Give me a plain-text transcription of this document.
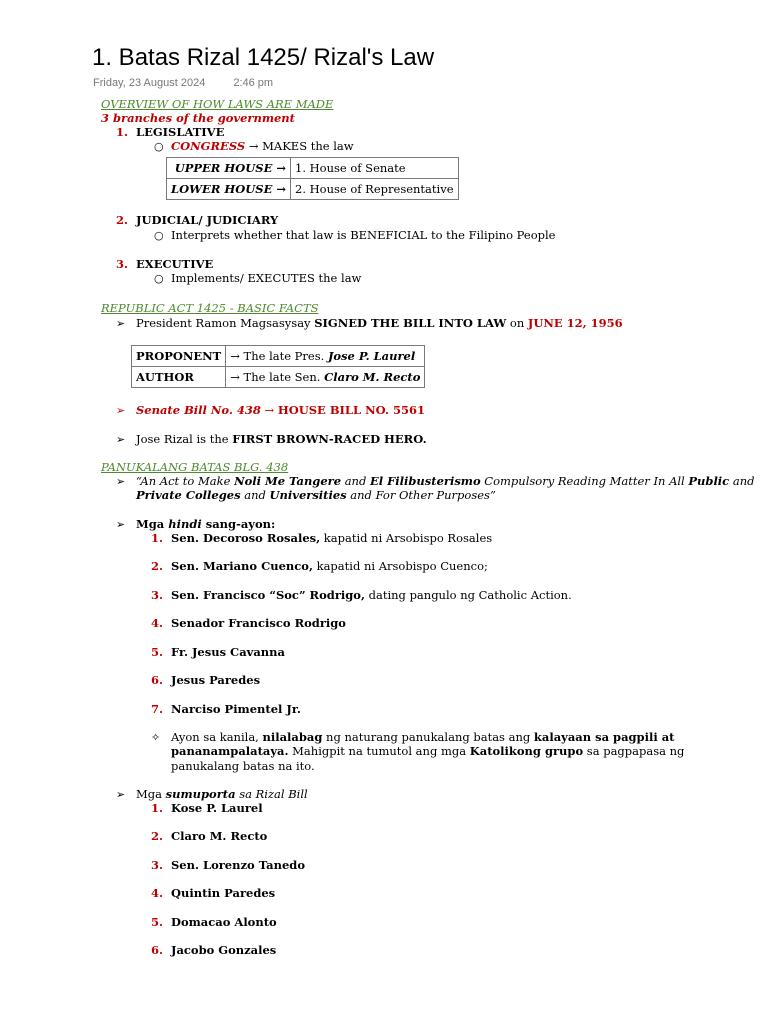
1. Batas Rizal 1425/ Rizal's Law
Friday, 23 August 2024	2:46 pm
OVERVIEW OF HOW LAWS ARE MADE
3 branches of the government
1. LEGISLATIVE
○ CONGRESS → MAKES the law
UPPER HOUSE →	1. House of Senate
LOWER HOUSE →	2. House of Representative
2. JUDICIAL/ JUDICIARY
○ Interprets whether that law is BENEFICIAL to the Filipino People
3. EXECUTIVE
○ Implements/ EXECUTES the law
REPUBLIC ACT 1425 - BASIC FACTS
➢ President Ramon Magsasysay SIGNED THE BILL INTO LAW on JUNE 12, 1956
PROPONENT	→ The late Pres. Jose P. Laurel
AUTHOR	→ The late Sen. Claro M. Recto
➢ Senate Bill No. 438 → HOUSE BILL NO. 5561
➢ Jose Rizal is the FIRST BROWN-RACED HERO.
PANUKALANG BATAS BLG. 438
➢ “An Act to Make Noli Me Tangere and El Filibusterismo Compulsory Reading Matter In All Public and
Private Colleges and Universities and For Other Purposes”
➢ Mga hindi sang-ayon:
1. Sen. Decoroso Rosales, kapatid ni Arsobispo Rosales
2. Sen. Mariano Cuenco, kapatid ni Arsobispo Cuenco;
3. Sen. Francisco “Soc” Rodrigo, dating pangulo ng Catholic Action.
4. Senador Francisco Rodrigo
5. Fr. Jesus Cavanna
6. Jesus Paredes
7. Narciso Pimentel Jr.
✧ Ayon sa kanila, nilalabag ng naturang panukalang batas ang kalayaan sa pagpili at
pananampalataya. Mahigpit na tumutol ang mga Katolikong grupo sa pagpapasa ng
panukalang batas na ito.
➢ Mga sumuporta sa Rizal Bill
1. Kose P. Laurel
2. Claro M. Recto
3. Sen. Lorenzo Tanedo
4. Quintin Paredes
5. Domacao Alonto
6. Jacobo Gonzales
